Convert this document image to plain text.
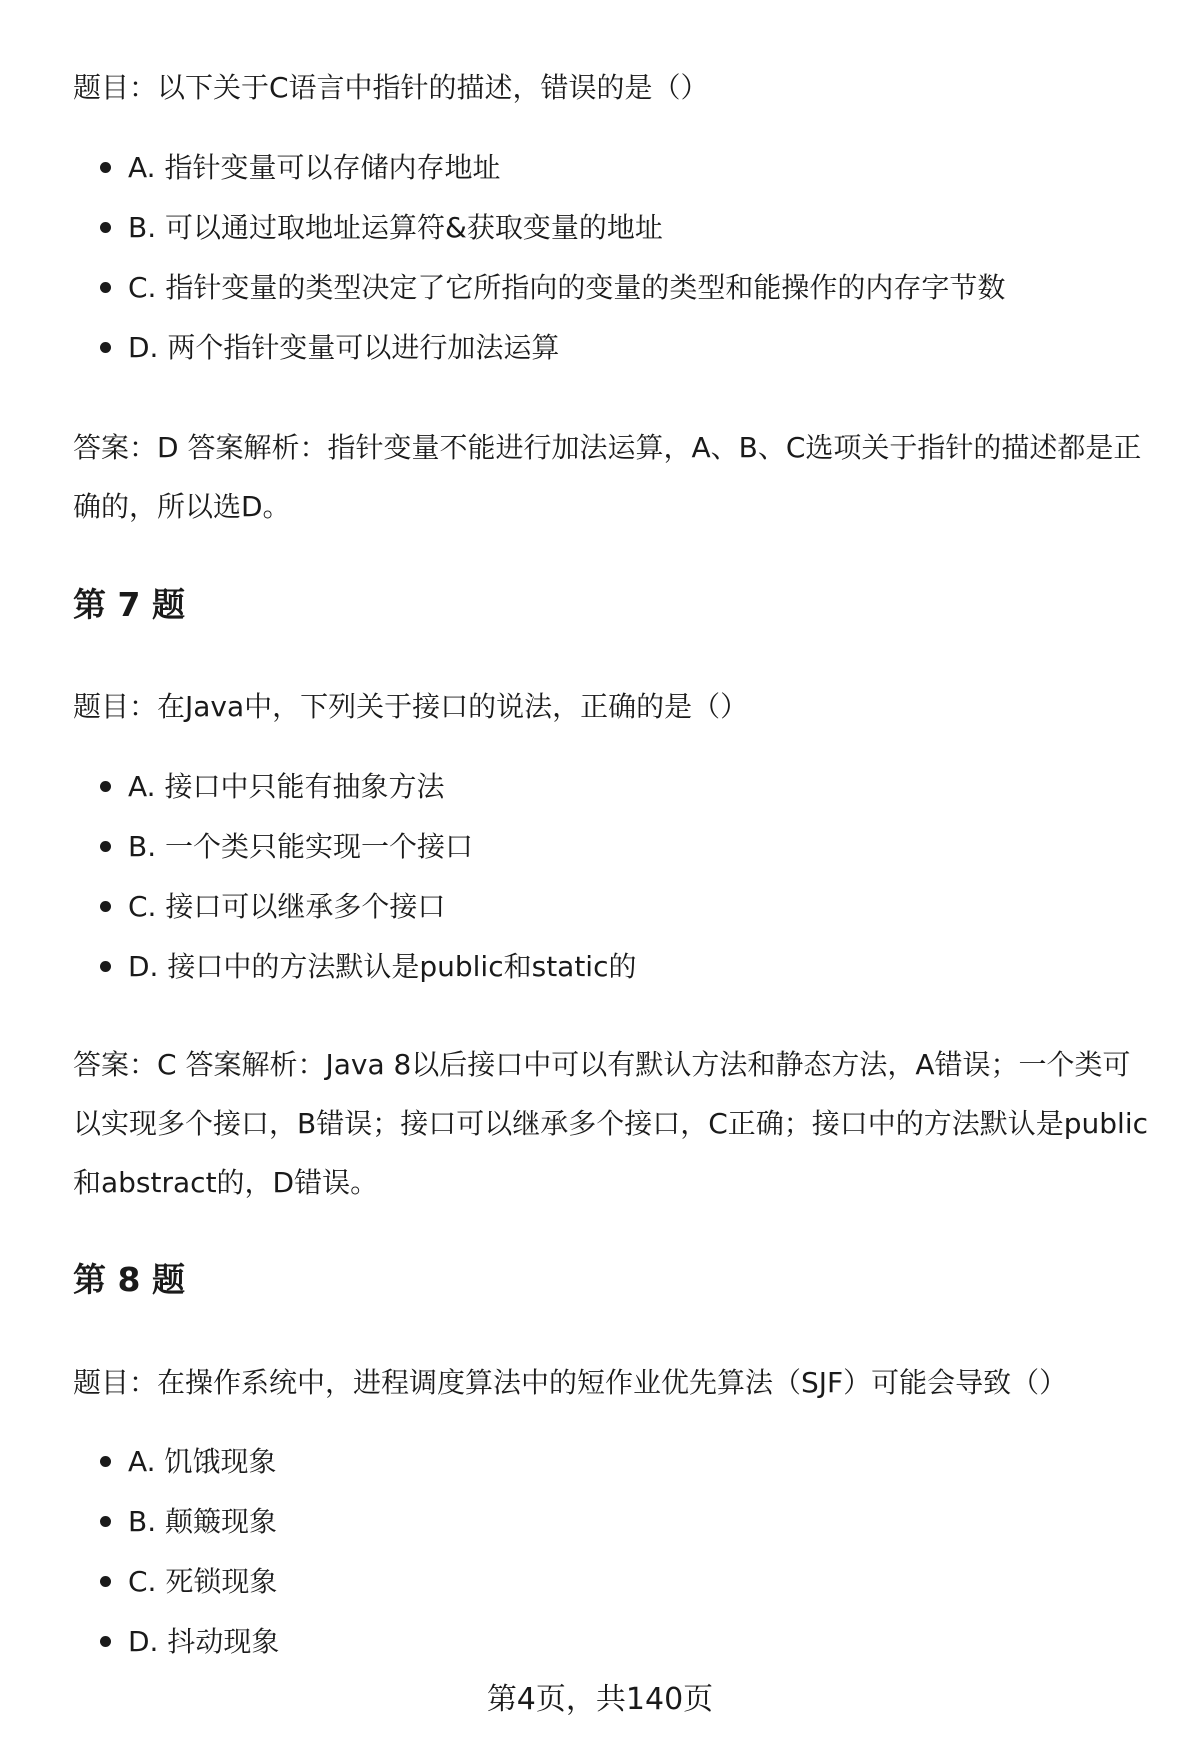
题目：以下关于C语言中指针的描述，错误的是（）

A. 指针变量可以存储内存地址
B. 可以通过取地址运算符&获取变量的地址
C. 指针变量的类型决定了它所指向的变量的类型和能操作的内存字节数
D. 两个指针变量可以进行加法运算

答案：D 答案解析：指针变量不能进行加法运算，A、B、C选项关于指针的描述都是正确的，所以选D。

第 7 题

题目：在Java中，下列关于接口的说法，正确的是（）

A. 接口中只能有抽象方法
B. 一个类只能实现一个接口
C. 接口可以继承多个接口
D. 接口中的方法默认是public和static的

答案：C 答案解析：Java 8以后接口中可以有默认方法和静态方法，A错误；一个类可以实现多个接口，B错误；接口可以继承多个接口，C正确；接口中的方法默认是public和abstract的，D错误。

第 8 题

题目：在操作系统中，进程调度算法中的短作业优先算法（SJF）可能会导致（）

A. 饥饿现象
B. 颠簸现象
C. 死锁现象
D. 抖动现象
第4页，共140页
